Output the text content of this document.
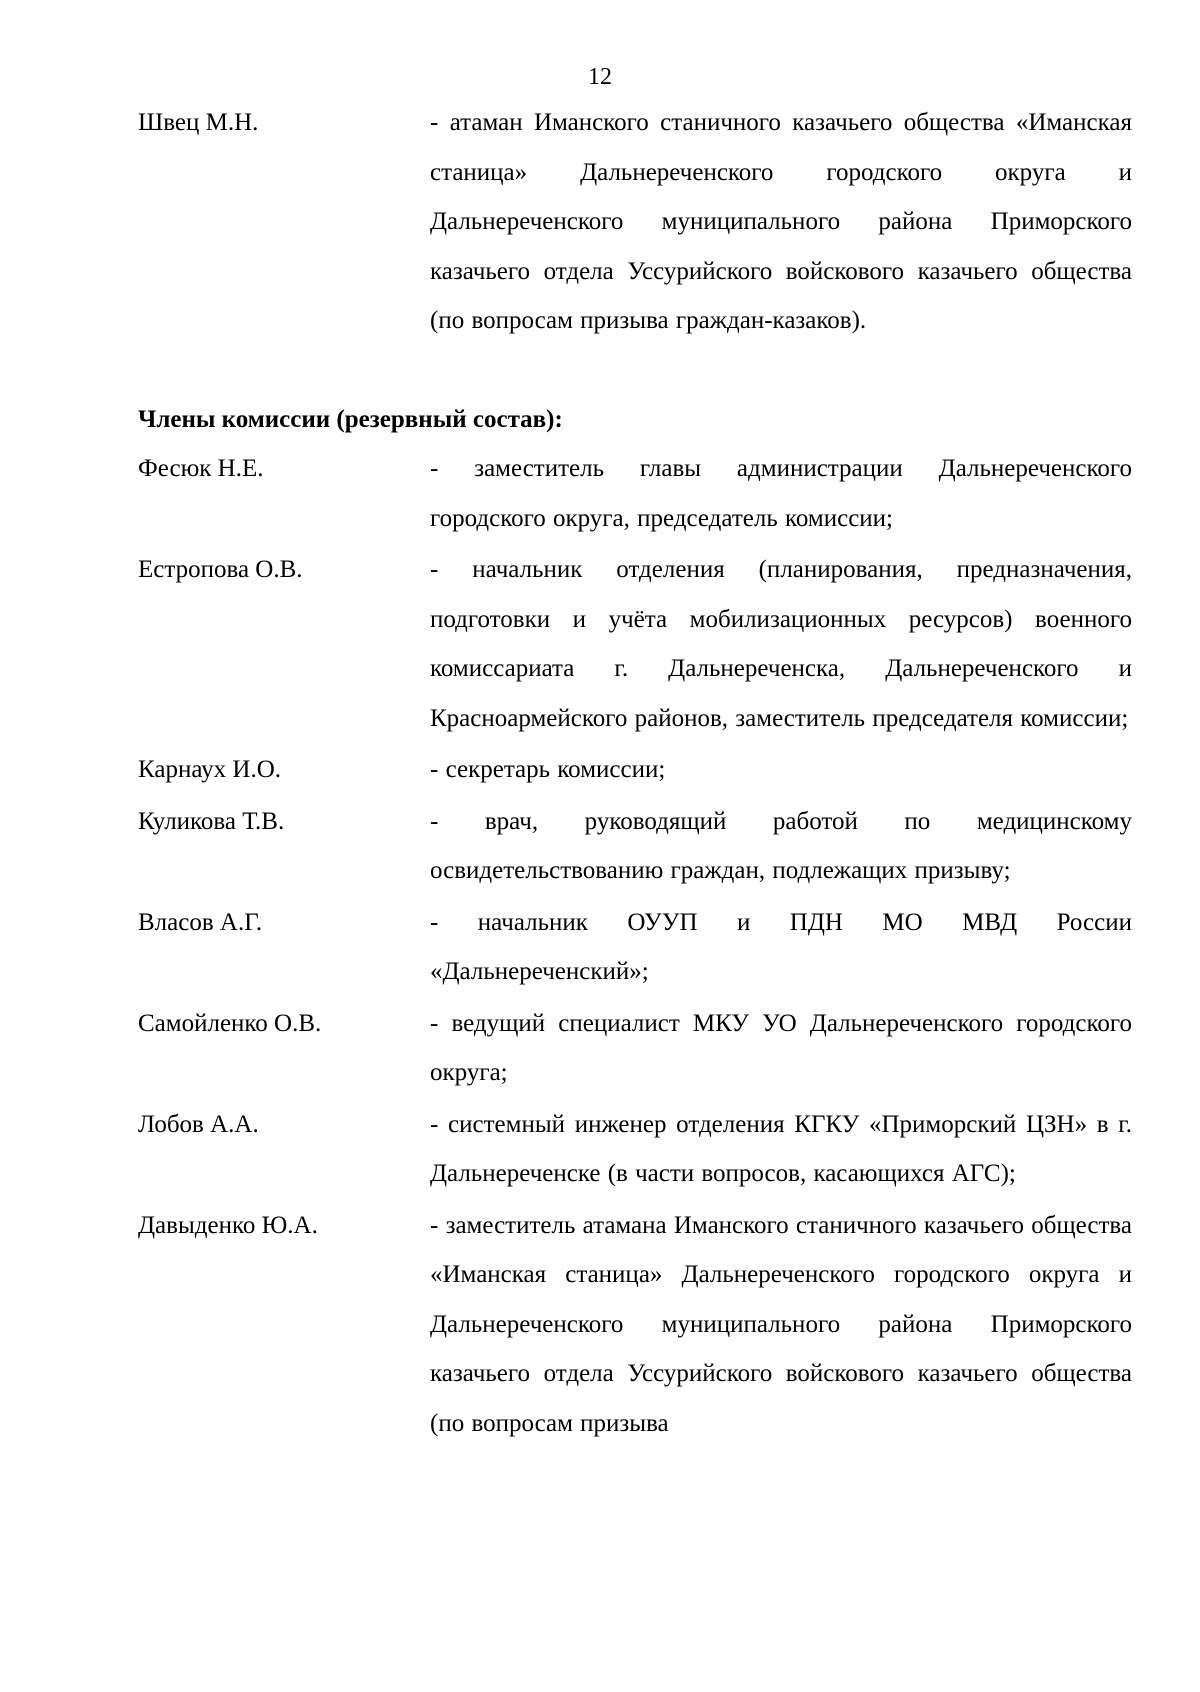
12
Швец М.Н.	- атаман Иманского станичного казачьего общества «Иманская станица» Дальнереченского городского округа и Дальнереченского муниципального района Приморского казачьего отдела Уссурийского войскового казачьего общества (по вопросам призыва граждан-казаков).
Члены комиссии (резервный состав):
Фесюк Н.Е.	- заместитель главы администрации Дальнереченского городского округа, председатель комиссии;
Естропова О.В.	- начальник отделения (планирования, предназначения, подготовки и учёта мобилизационных ресурсов) военного комиссариата г. Дальнереченска, Дальнереченского и Красноармейского районов, заместитель председателя комиссии;
Карнаух И.О.	- секретарь комиссии;
Куликова Т.В.	- врач, руководящий работой по медицинскому освидетельствованию граждан, подлежащих призыву;
Власов А.Г.	- начальник ОУУП и ПДН МО МВД России «Дальнереченский»;
Самойленко О.В.	- ведущий специалист МКУ УО Дальнереченского городского округа;
Лобов А.А.	- системный инженер отделения КГКУ «Приморский ЦЗН» в г. Дальнереченске (в части вопросов, касающихся АГС);
Давыденко Ю.А.	- заместитель атамана Иманского станичного казачьего общества «Иманская станица» Дальнереченского городского округа и Дальнереченского муниципального района Приморского казачьего отдела Уссурийского войскового казачьего общества (по вопросам призыва
